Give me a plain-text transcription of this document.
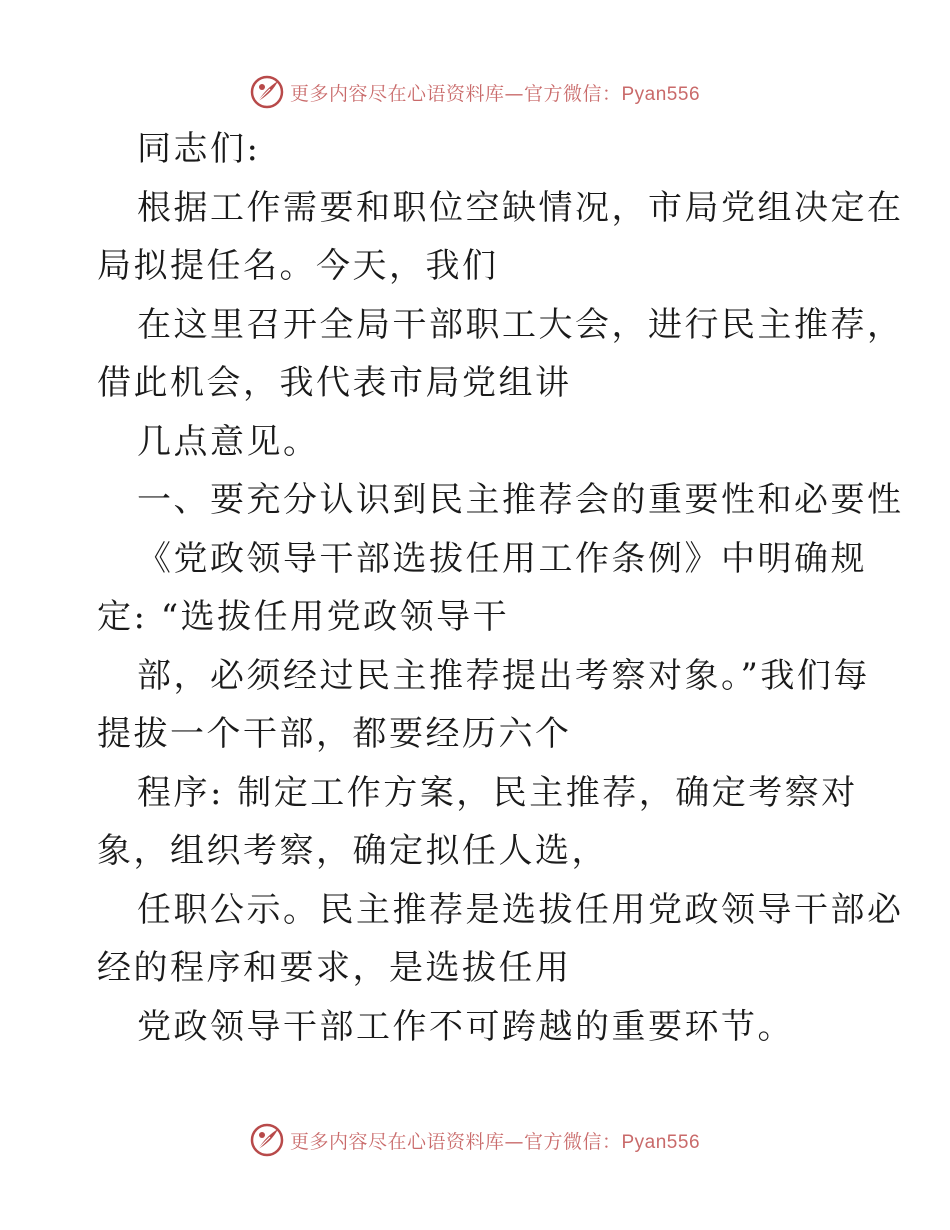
更多内容尽在心语资料库—官方微信：Pyan556
同志们:
根据工作需要和职位空缺情况，市局党组决定在
局拟提任名。今天，我们
在这里召开全局干部职工大会，进行民主推荐，
借此机会，我代表市局党组讲
几点意见。
一、要充分认识到民主推荐会的重要性和必要性
《党政领导干部选拔任用工作条例》中明确规
定: “选拔任用党政领导干
部，必须经过民主推荐提出考察对象。”我们每
提拔一个干部，都要经历六个
程序: 制定工作方案，民主推荐，确定考察对
象，组织考察，确定拟任人选，
任职公示。民主推荐是选拔任用党政领导干部必
经的程序和要求，是选拔任用
党政领导干部工作不可跨越的重要环节。
更多内容尽在心语资料库—官方微信：Pyan556
